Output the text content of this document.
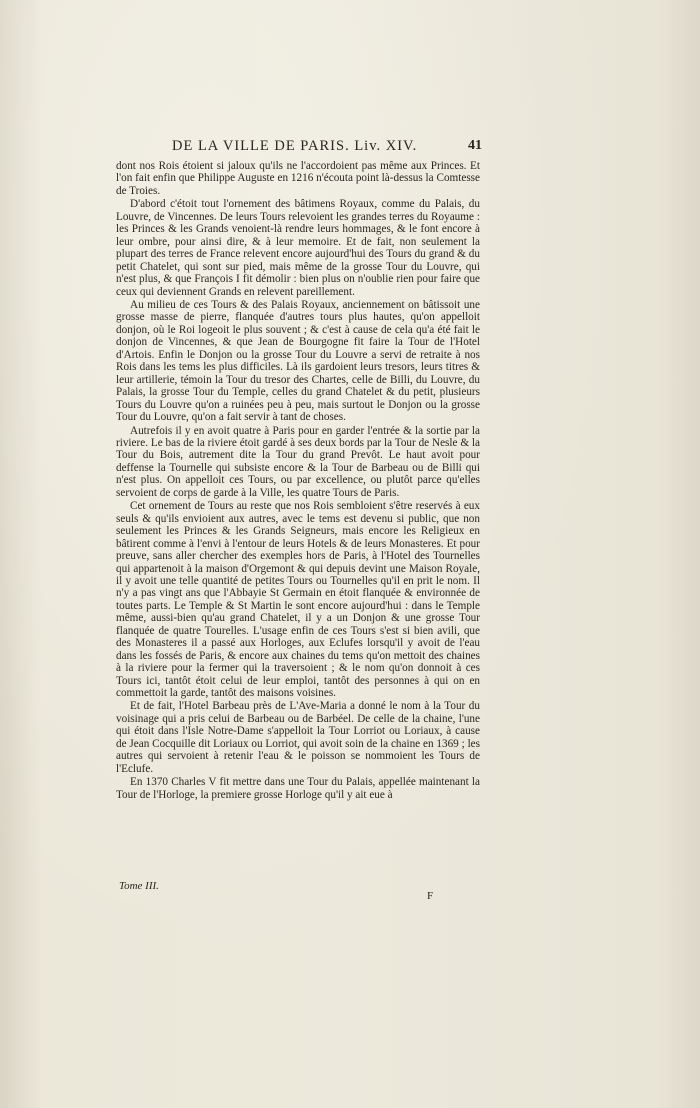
DE LA VILLE DE PARIS. Liv. XIV.	41

dont nos Rois étoient si jaloux qu'ils ne l'accordoient pas même aux Princes. Et l'on fait enfin que Philippe Auguste en 1216 n'écouta point là-dessus la Comtesse de Troies.

D'abord c'étoit tout l'ornement des bâtimens Royaux, comme du Palais, du Louvre, de Vincennes. De leurs Tours relevoient les grandes terres du Royaume : les Princes & les Grands venoient-là rendre leurs hommages, & le font encore à leur ombre, pour ainsi dire, & à leur memoire. Et de fait, non seulement la plupart des terres de France relevent encore aujourd'hui des Tours du grand & du petit Chatelet, qui sont sur pied, mais même de la grosse Tour du Louvre, qui n'est plus, & que François I fit démolir : bien plus on n'oublie rien pour faire que ceux qui deviennent Grands en relevent pareillement.

Au milieu de ces Tours & des Palais Royaux, anciennement on bâtissoit une grosse masse de pierre, flanquée d'autres tours plus hautes, qu'on appelloit donjon, où le Roi logeoit le plus souvent ; & c'est à cause de cela qu'a été fait le donjon de Vincennes, & que Jean de Bourgogne fit faire la Tour de l'Hotel d'Artois. Enfin le Donjon ou la grosse Tour du Louvre a servi de retraite à nos Rois dans les tems les plus difficiles. Là ils gardoient leurs tresors, leurs titres & leur artillerie, témoin la Tour du tresor des Chartes, celle de Billi, du Louvre, du Palais, la grosse Tour du Temple, celles du grand Chatelet & du petit, plusieurs Tours du Louvre qu'on a ruinées peu à peu, mais surtout le Donjon ou la grosse Tour du Louvre, qu'on a fait servir à tant de choses.

Autrefois il y en avoit quatre à Paris pour en garder l'entrée & la sortie par la riviere. Le bas de la riviere étoit gardé à ses deux bords par la Tour de Nesle & la Tour du Bois, autrement dite la Tour du grand Prevôt. Le haut avoit pour deffense la Tournelle qui subsiste encore & la Tour de Barbeau ou de Billi qui n'est plus. On appelloit ces Tours, ou par excellence, ou plutôt parce qu'elles servoient de corps de garde à la Ville, les quatre Tours de Paris.

Cet ornement de Tours au reste que nos Rois sembloient s'être reservés à eux seuls & qu'ils envioient aux autres, avec le tems est devenu si public, que non seulement les Princes & les Grands Seigneurs, mais encore les Religieux en bâtirent comme à l'envi à l'entour de leurs Hotels & de leurs Monasteres. Et pour preuve, sans aller chercher des exemples hors de Paris, à l'Hotel des Tournelles qui appartenoit à la maison d'Orgemont & qui depuis devint une Maison Royale, il y avoit une telle quantité de petites Tours ou Tournelles qu'il en prit le nom. Il n'y a pas vingt ans que l'Abbayie St Germain en étoit flanquée & environnée de toutes parts. Le Temple & St Martin le sont encore aujourd'hui : dans le Temple même, aussi-bien qu'au grand Chatelet, il y a un Donjon & une grosse Tour flanquée de quatre Tourelles. L'usage enfin de ces Tours s'est si bien avili, que des Monasteres il a passé aux Horloges, aux Eclufes lorsqu'il y avoit de l'eau dans les fossés de Paris, & encore aux chaines du tems qu'on mettoit des chaines à la riviere pour la fermer qui la traversoient ; & le nom qu'on donnoit à ces Tours ici, tantôt étoit celui de leur emploi, tantôt des personnes à qui on en commettoit la garde, tantôt des maisons voisines.

Et de fait, l'Hotel Barbeau près de L'Ave-Maria a donné le nom à la Tour du voisinage qui a pris celui de Barbeau ou de Barbéel. De celle de la chaine, l'une qui étoit dans l'Isle Notre-Dame s'appelloit la Tour Lorriot ou Loriaux, à cause de Jean Cocquille dit Loriaux ou Lorriot, qui avoit soin de la chaine en 1369 ; les autres qui servoient à retenir l'eau & le poisson se nommoient les Tours de l'Eclufe.

En 1370 Charles V fit mettre dans une Tour du Palais, appellée maintenant la Tour de l'Horloge, la premiere grosse Horloge qu'il y ait eue à

Tome III.
F
